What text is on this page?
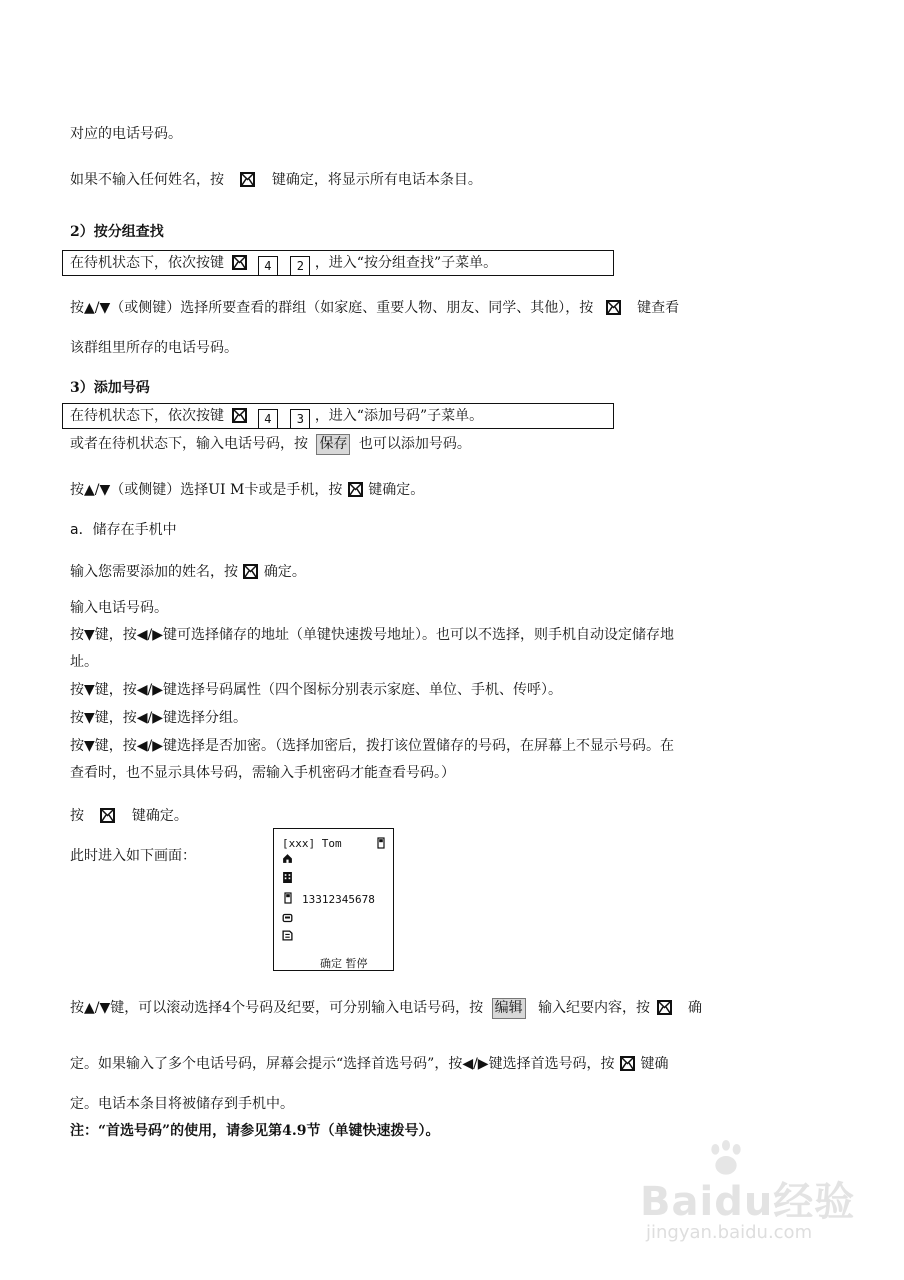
对应的电话号码。
如果不输入任何姓名，按	键确定，将显示所有电话本条目。
2）按分组查找
在待机状态下，依次按键	4 2 ，进入“按分组查找”子菜单。
按▲/▼（或侧键）选择所要查看的群组（如家庭、重要人物、朋友、同学、其他），按	键查看
该群组里所存的电话号码。
3）添加号码
在待机状态下，依次按键	4 3 ，进入“添加号码”子菜单。
或者在待机状态下，输入电话号码，按 保存 也可以添加号码。
按▲/▼（或侧键）选择UI M卡或是手机，按 键确定。
a．储存在手机中
输入您需要添加的姓名，按 确定。
输入电话号码。
按▼键，按◀/▶键可选择储存的地址（单键快速拨号地址）。也可以不选择，则手机自动设定储存地
址。
按▼键，按◀/▶键选择号码属性（四个图标分别表示家庭、单位、手机、传呼）。
按▼键，按◀/▶键选择分组。
按▼键，按◀/▶键选择是否加密。（选择加密后，拨打该位置储存的号码，在屏幕上不显示号码。在
查看时，也不显示具体号码，需输入手机密码才能查看号码。）
按	键确定。
此时进入如下画面：
[xxx] Tom
13312345678
确定 暂停
按▲/▼键，可以滚动选择4个号码及纪要，可分别输入电话号码，按 编辑 输入纪要内容，按	确
定。如果输入了多个电话号码，屏幕会提示“选择首选号码”，按◀/▶键选择首选号码，按 键确
定。电话本条目将被储存到手机中。
注：“首选号码”的使用，请参见第4.9节（单键快速拨号）。
Baidu经验
jingyan.baidu.com
